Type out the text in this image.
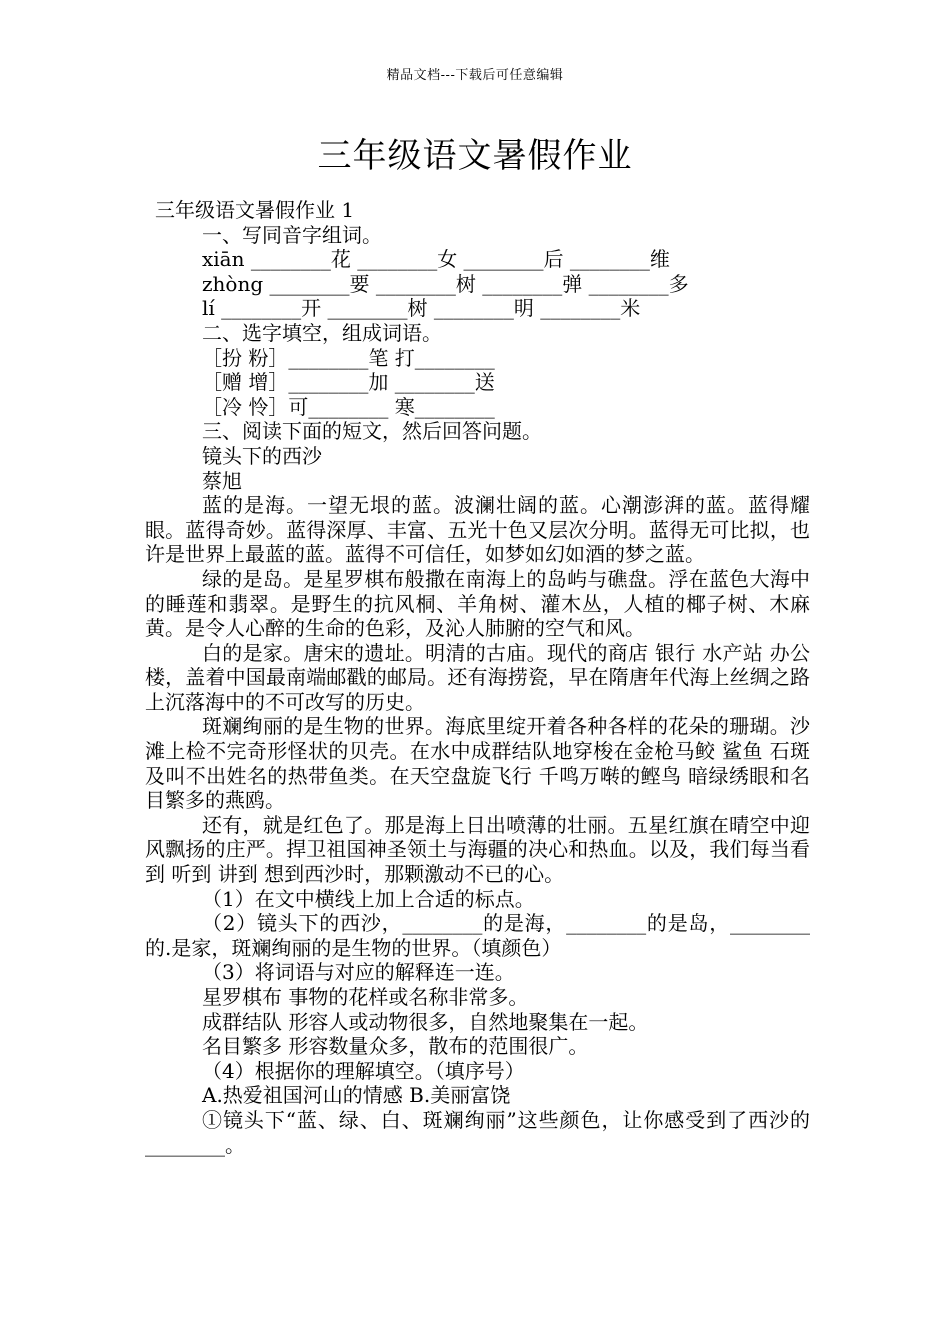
精品文档---下载后可任意编辑
三年级语文暑假作业
三年级语文暑假作业 1
一、写同音字组词。
xiān ________花 ________女 ________后 ________维
zhòng ________要 ________树 ________弹 ________多
lí ________开 ________树 ________明 ________米
二、选字填空，组成词语。
［扮 粉］________笔 打________
［赠 增］________加 ________送
［冷 怜］可________ 寒________
三、阅读下面的短文，然后回答问题。
镜头下的西沙
蔡旭
蓝的是海。一望无垠的蓝。波澜壮阔的蓝。心潮澎湃的蓝。蓝得耀眼。蓝得奇妙。蓝得深厚、丰富、五光十色又层次分明。蓝得无可比拟，也许是世界上最蓝的蓝。蓝得不可信任，如梦如幻如酒的梦之蓝。
绿的是岛。是星罗棋布般撒在南海上的岛屿与礁盘。浮在蓝色大海中的睡莲和翡翠。是野生的抗风桐、羊角树、灌木丛，人植的椰子树、木麻黄。是令人心醉的生命的色彩，及沁人肺腑的空气和风。
白的是家。唐宋的遗址。明清的古庙。现代的商店 银行 水产站 办公楼，盖着中国最南端邮戳的邮局。还有海捞瓷，早在隋唐年代海上丝绸之路上沉落海中的不可改写的历史。
斑斓绚丽的是生物的世界。海底里绽开着各种各样的花朵的珊瑚。沙滩上检不完奇形怪状的贝壳。在水中成群结队地穿梭在金枪马鲛 鲨鱼 石斑及叫不出姓名的热带鱼类。在天空盘旋飞行 千鸣万啭的鲣鸟 暗绿绣眼和名目繁多的燕鸥。
还有，就是红色了。那是海上日出喷薄的壮丽。五星红旗在晴空中迎风飘扬的庄严。捍卫祖国神圣领土与海疆的决心和热血。以及，我们每当看到 听到 讲到 想到西沙时，那颗激动不已的心。
（1）在文中横线上加上合适的标点。
（2）镜头下的西沙，________的是海，________的是岛，________的.是家，斑斓绚丽的是生物的世界。（填颜色）
（3）将词语与对应的解释连一连。
星罗棋布 事物的花样或名称非常多。
成群结队 形容人或动物很多，自然地聚集在一起。
名目繁多 形容数量众多，散布的范围很广。
（4）根据你的理解填空。（填序号）
A.热爱祖国河山的情感 B.美丽富饶
①镜头下“蓝、绿、白、斑斓绚丽”这些颜色，让你感受到了西沙的________。
